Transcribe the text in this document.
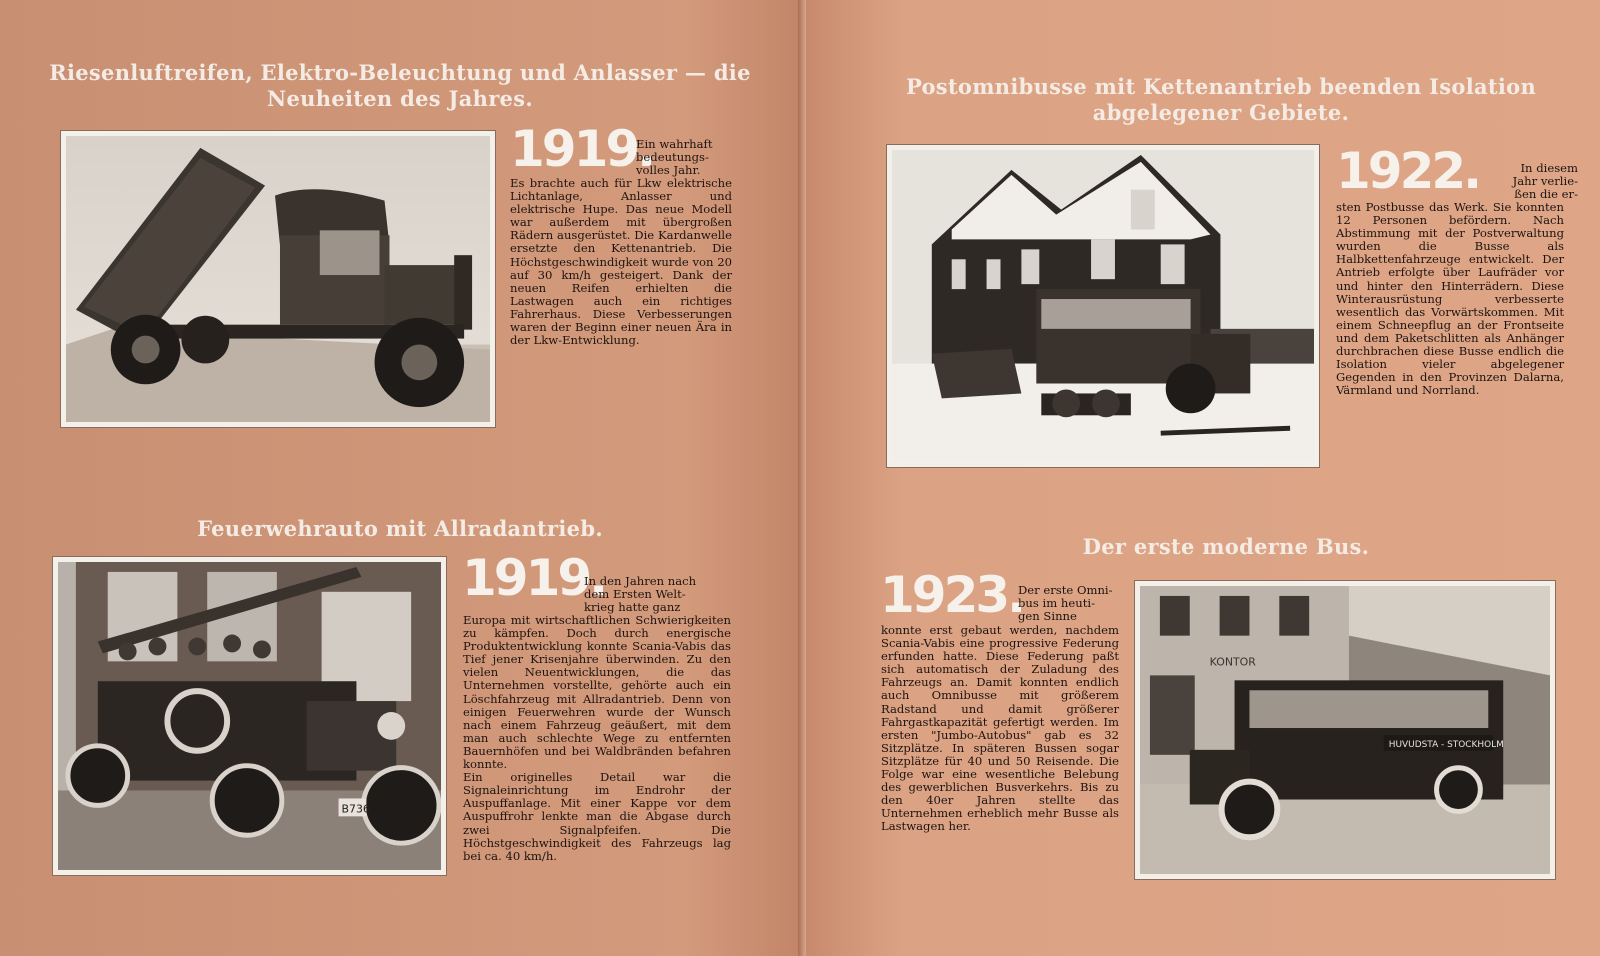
Riesenluftreifen, Elektro-Beleuchtung und Anlasser — die Neuheiten des Jahres.
1919.
Ein wahrhaft
bedeutungs-
volles Jahr.
Es brachte auch für Lkw elektrische Lichtanlage, Anlasser und elektrische Hupe. Das neue Modell war außerdem mit übergroßen Rädern ausgerüstet. Die Kardanwelle ersetzte den Kettenantrieb. Die Höchstgeschwindigkeit wurde von 20 auf 30 km/h gesteigert. Dank der neuen Reifen erhielten die Lastwagen auch ein richtiges Fahrerhaus. Diese Verbesserungen waren der Beginn einer neuen Ära in der Lkw-Entwicklung.
Feuerwehrauto mit Allradantrieb.
B736
1919.
In den Jahren nach
dem Ersten Welt-
krieg hatte ganz
Europa mit wirtschaftlichen Schwierigkeiten zu kämpfen. Doch durch energische Produktentwicklung konnte Scania-Vabis das Tief jener Krisenjahre überwinden. Zu den vielen Neuentwicklungen, die das Unternehmen vorstellte, gehörte auch ein Löschfahrzeug mit Allradantrieb. Denn von einigen Feuerwehren wurde der Wunsch nach einem Fahrzeug geäußert, mit dem man auch schlechte Wege zu entfernten Bauernhöfen und bei Waldbränden befahren konnte.
Ein originelles Detail war die Signaleinrichtung im Endrohr der Auspuffanlage. Mit einer Kappe vor dem Auspuffrohr lenkte man die Abgase durch zwei Signalpfeifen. Die Höchstgeschwindigkeit des Fahrzeugs lag bei ca. 40 km/h.
Postomnibusse mit Kettenantrieb beenden Isolation abgelegener Gebiete.
1922.	In diesem
Jahr verlie-
ßen die er-
sten Postbusse das Werk. Sie konnten 12 Personen befördern. Nach Abstimmung mit der Postverwaltung wurden die Busse als Halbkettenfahrzeuge entwickelt. Der Antrieb erfolgte über Laufräder vor und hinter den Hinterrädern. Diese Winterausrüstung verbesserte wesentlich das Vorwärtskommen. Mit einem Schneepflug an der Frontseite und dem Paketschlitten als Anhänger durchbrachen diese Busse endlich die Isolation vieler abgelegener Gegenden in den Provinzen Dalarna, Värmland und Norrland.
Der erste moderne Bus.
1923.
Der erste Omni-
bus im heuti-
gen Sinne
konnte erst gebaut werden, nachdem Scania-Vabis eine progressive Federung erfunden hatte. Diese Federung paßt sich automatisch der Zuladung des Fahrzeugs an. Damit konnten endlich auch Omnibusse mit größerem Radstand und damit größerer Fahrgastkapazität gefertigt werden. Im ersten "Jumbo-Autobus" gab es 32 Sitzplätze. In späteren Bussen sogar Sitzplätze für 40 und 50 Reisende. Die Folge war eine wesentliche Belebung des gewerblichen Busverkehrs. Bis zu den 40er Jahren stellte das Unternehmen erheblich mehr Busse als Lastwagen her.
KONTOR
HUVUDSTA - STOCKHOLM
